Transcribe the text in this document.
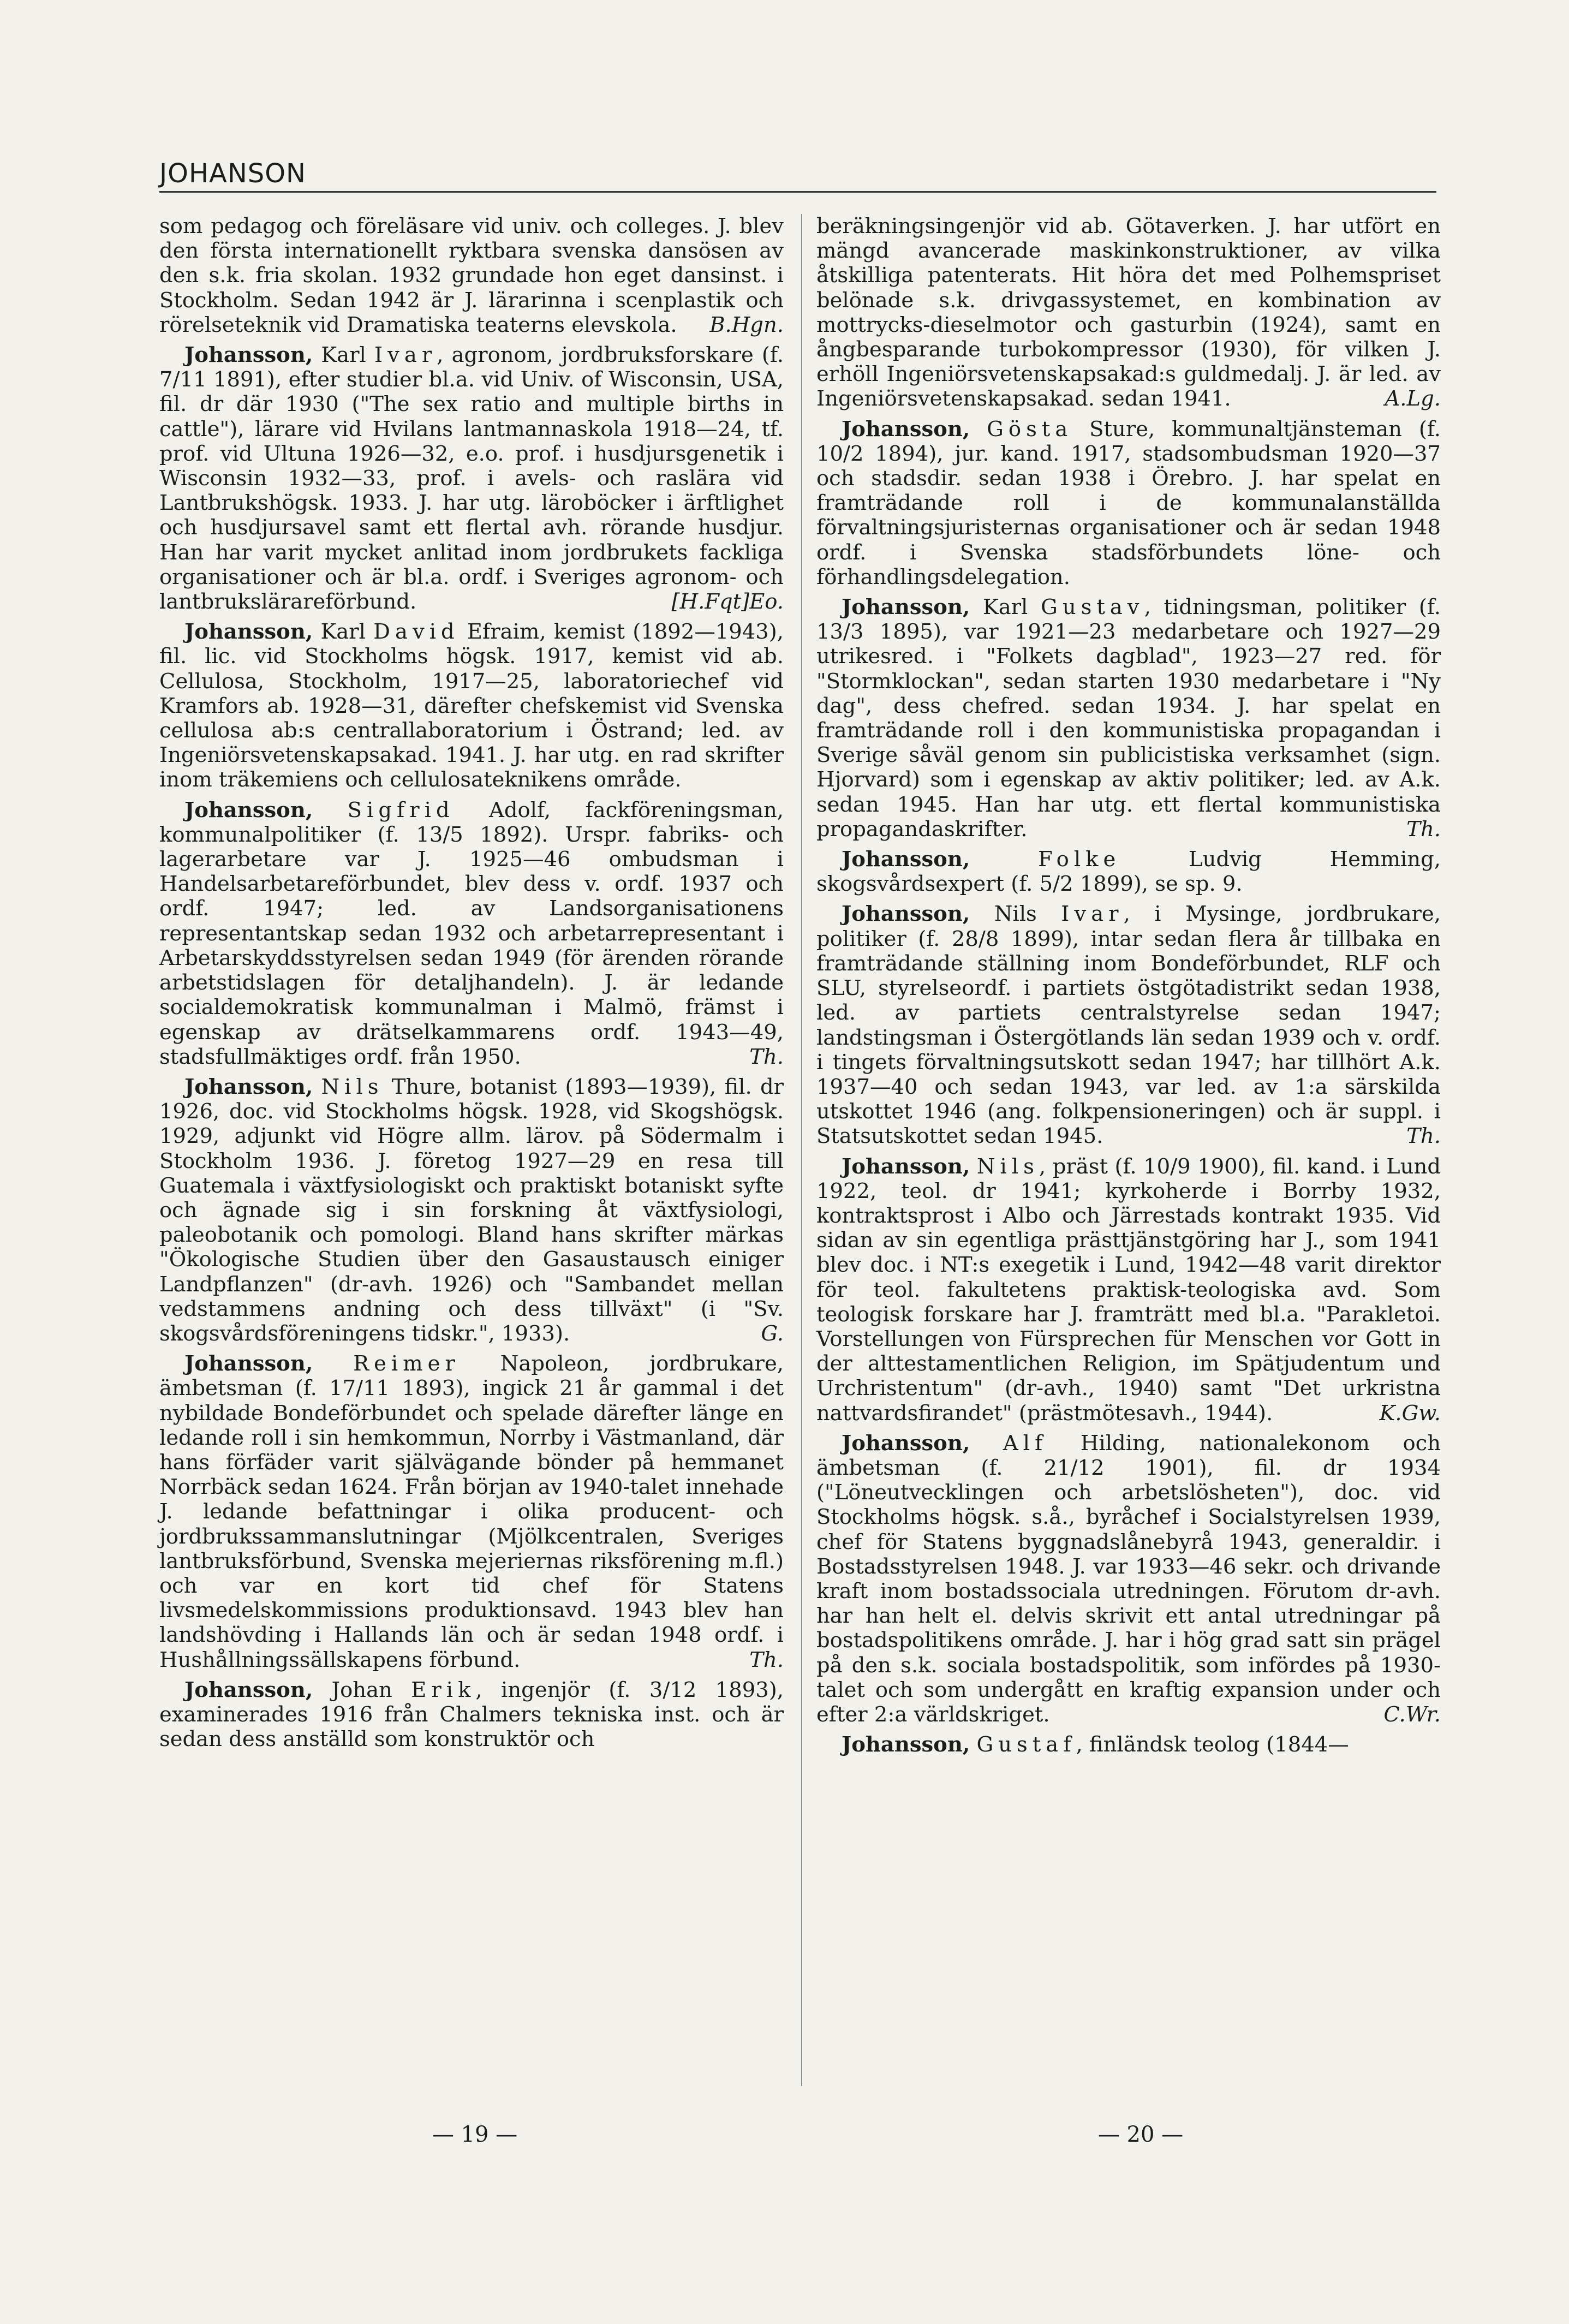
JOHANSON

som pedagog och föreläsare vid univ. och colleges. J. blev den första internationellt ryktbara svenska dansösen av den s.k. fria skolan. 1932 grundade hon eget dansinst. i Stockholm. Sedan 1942 är J. lärarinna i scenplastik och rörelseteknik vid Dramatiska teaterns elevskola. B.Hgn.

Johansson, Karl Ivar, agronom, jordbruksforskare (f. 7/11 1891), efter studier bl.a. vid Univ. of Wisconsin, USA, fil. dr där 1930 ("The sex ratio and multiple births in cattle"), lärare vid Hvilans lantmannaskola 1918—24, tf. prof. vid Ultuna 1926—32, e.o. prof. i husdjursgenetik i Wisconsin 1932—33, prof. i avels- och raslära vid Lantbrukshögsk. 1933. J. har utg. läroböcker i ärftlighet och husdjursavel samt ett flertal avh. rörande husdjur. Han har varit mycket anlitad inom jordbrukets fackliga organisationer och är bl.a. ordf. i Sveriges agronom- och lantbrukslärareförbund.	[H.Fqt]Eo.

Johansson, Karl David Efraim, kemist (1892—1943), fil. lic. vid Stockholms högsk. 1917, kemist vid ab. Cellulosa, Stockholm, 1917—25, laboratoriechef vid Kramfors ab. 1928—31, därefter chefskemist vid Svenska cellulosa ab:s centrallaboratorium i Östrand; led. av Ingeniörsvetenskapsakad. 1941. J. har utg. en rad skrifter inom träkemiens och cellulosateknikens område.

Johansson, Sigfrid Adolf, fackföreningsman, kommunalpolitiker (f. 13/5 1892). Urspr. fabriks- och lagerarbetare var J. 1925—46 ombudsman i Handelsarbetareförbundet, blev dess v. ordf. 1937 och ordf. 1947; led. av Landsorganisationens representantskap sedan 1932 och arbetarrepresentant i Arbetarskyddsstyrelsen sedan 1949 (för ärenden rörande arbetstidslagen för detaljhandeln). J. är ledande socialdemokratisk kommunalman i Malmö, främst i egenskap av drätselkammarens ordf. 1943—49, stadsfullmäktiges ordf. från 1950.	Th.

Johansson, Nils Thure, botanist (1893—1939), fil. dr 1926, doc. vid Stockholms högsk. 1928, vid Skogshögsk. 1929, adjunkt vid Högre allm. lärov. på Södermalm i Stockholm 1936. J. företog 1927—29 en resa till Guatemala i växtfysiologiskt och praktiskt botaniskt syfte och ägnade sig i sin forskning åt växtfysiologi, paleobotanik och pomologi. Bland hans skrifter märkas "Ökologische Studien über den Gasaustausch einiger Landpflanzen" (dr-avh. 1926) och "Sambandet mellan vedstammens andning och dess tillväxt" (i "Sv. skogsvårdsföreningens tidskr.", 1933).	G.

Johansson, Reimer Napoleon, jordbrukare, ämbetsman (f. 17/11 1893), ingick 21 år gammal i det nybildade Bondeförbundet och spelade därefter länge en ledande roll i sin hemkommun, Norrby i Västmanland, där hans förfäder varit självägande bönder på hemmanet Norrbäck sedan 1624. Från början av 1940-talet innehade J. ledande befattningar i olika producent- och jordbrukssammanslutningar (Mjölkcentralen, Sveriges lantbruksförbund, Svenska mejeriernas riksförening m.fl.) och var en kort tid chef för Statens livsmedelskommissions produktionsavd. 1943 blev han landshövding i Hallands län och är sedan 1948 ordf. i Hushållningssällskapens förbund.	Th.

Johansson, Johan Erik, ingenjör (f. 3/12 1893), examinerades 1916 från Chalmers tekniska inst. och är sedan dess anställd som konstruktör och

beräkningsingenjör vid ab. Götaverken. J. har utfört en mängd avancerade maskinkonstruktioner, av vilka åtskilliga patenterats. Hit höra det med Polhemspriset belönade s.k. drivgassystemet, en kombination av mottrycks-dieselmotor och gasturbin (1924), samt en ångbesparande turbokompressor (1930), för vilken J. erhöll Ingeniörsvetenskapsakad:s guldmedalj. J. är led. av Ingeniörsvetenskapsakad. sedan 1941.	A.Lg.

Johansson, Gösta Sture, kommunaltjänsteman (f. 10/2 1894), jur. kand. 1917, stadsombudsman 1920—37 och stadsdir. sedan 1938 i Örebro. J. har spelat en framträdande roll i de kommunalanställda förvaltningsjuristernas organisationer och är sedan 1948 ordf. i Svenska stadsförbundets löne- och förhandlingsdelegation.

Johansson, Karl Gustav, tidningsman, politiker (f. 13/3 1895), var 1921—23 medarbetare och 1927—29 utrikesred. i "Folkets dagblad", 1923—27 red. för "Stormklockan", sedan starten 1930 medarbetare i "Ny dag", dess chefred. sedan 1934. J. har spelat en framträdande roll i den kommunistiska propagandan i Sverige såväl genom sin publicistiska verksamhet (sign. Hjorvard) som i egenskap av aktiv politiker; led. av A.k. sedan 1945. Han har utg. ett flertal kommunistiska propagandaskrifter.	Th.

Johansson,	Folke Ludvig Hemming, skogsvårdsexpert (f. 5/2 1899), se sp. 9.

Johansson, Nils Ivar, i Mysinge, jordbrukare, politiker (f. 28/8 1899), intar sedan flera år tillbaka en framträdande ställning inom Bondeförbundet, RLF och SLU, styrelseordf. i partiets östgötadistrikt sedan 1938, led. av partiets centralstyrelse sedan 1947; landstingsman i Östergötlands län sedan 1939 och v. ordf. i tingets förvaltningsutskott sedan 1947; har tillhört A.k. 1937—40 och sedan 1943, var led. av 1:a särskilda utskottet 1946 (ang. folkpensioneringen) och är suppl. i Statsutskottet sedan 1945.	Th.

Johansson, Nils, präst (f. 10/9 1900), fil. kand. i Lund 1922, teol. dr 1941; kyrkoherde i Borrby 1932, kontraktsprost i Albo och Järrestads kontrakt 1935. Vid sidan av sin egentliga prästtjänstgöring har J., som 1941 blev doc. i NT:s exegetik i Lund, 1942—48 varit direktor för teol. fakultetens praktisk-teologiska avd. Som teologisk forskare har J. framträtt med bl.a. "Parakletoi. Vorstellungen von Fürsprechen für Menschen vor Gott in der alttestamentlichen Religion, im Spätjudentum und Urchristentum" (dr-avh., 1940) samt "Det urkristna nattvardsfirandet" (prästmötesavh., 1944).	K.Gw.

Johansson, Alf Hilding, nationalekonom och ämbetsman (f. 21/12 1901), fil. dr 1934 ("Löneutvecklingen och arbetslösheten"), doc. vid Stockholms högsk. s.å., byråchef i Socialstyrelsen 1939, chef för Statens byggnadslånebyrå 1943, generaldir. i Bostadsstyrelsen 1948. J. var 1933—46 sekr. och drivande kraft inom bostadssociala utredningen. Förutom dr-avh. har han helt el. delvis skrivit ett antal utredningar på bostadspolitikens område. J. har i hög grad satt sin prägel på den s.k. sociala bostadspolitik, som infördes på 1930-talet och som undergått en kraftig expansion under och efter 2:a världskriget.	C.Wr.

Johansson, Gustaf, finländsk teolog (1844—

— 19 —	— 20 —
